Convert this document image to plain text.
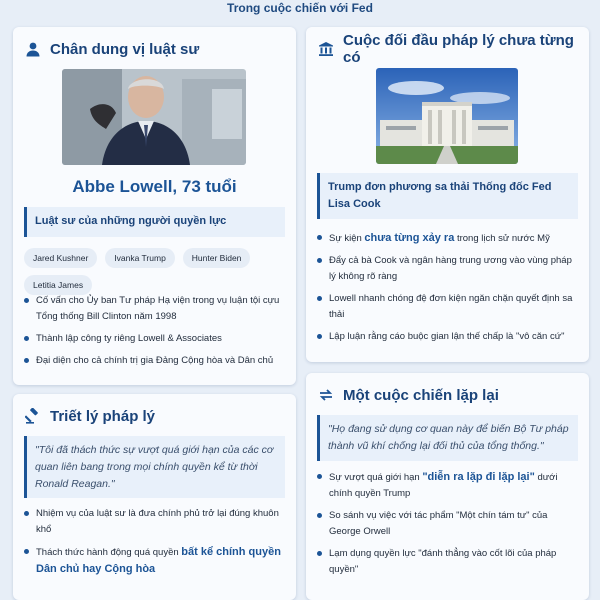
Trong cuộc chiến với Fed
Chân dung vị luật sư
Abbe Lowell, 73 tuổi
Luật sư của những người quyền lực
Jared Kushner	Ivanka Trump	Hunter Biden
Letitia James
Cố vấn cho Ủy ban Tư pháp Hạ viện trong vụ luận tội cựu Tổng thống Bill Clinton năm 1998
Thành lập công ty riêng Lowell & Associates
Đại diện cho cả chính trị gia Đảng Cộng hòa và Dân chủ
Cuộc đối đầu pháp lý chưa từng có
Trump đơn phương sa thải Thống đốc Fed Lisa Cook
Sự kiện chưa từng xảy ra trong lịch sử nước Mỹ
Đẩy cả bà Cook và ngân hàng trung ương vào vùng pháp lý không rõ ràng
Lowell nhanh chóng đệ đơn kiện ngăn chặn quyết định sa thải
Lập luận rằng cáo buộc gian lận thế chấp là "vô căn cứ"
Triết lý pháp lý
"Tôi đã thách thức sự vượt quá giới hạn của các cơ quan liên bang trong mọi chính quyền kể từ thời Ronald Reagan."
Nhiệm vụ của luật sư là đưa chính phủ trở lại đúng khuôn khổ
Thách thức hành động quá quyền bất kể chính quyền Dân chủ hay Cộng hòa
Một cuộc chiến lặp lại
"Họ đang sử dụng cơ quan này để biến Bộ Tư pháp thành vũ khí chống lại đối thủ của tổng thống."
Sự vượt quá giới hạn "diễn ra lặp đi lặp lại" dưới chính quyền Trump
So sánh vụ việc với tác phẩm "Một chín tám tư" của George Orwell
Lạm dụng quyền lực "đánh thẳng vào cốt lõi của pháp quyền"
